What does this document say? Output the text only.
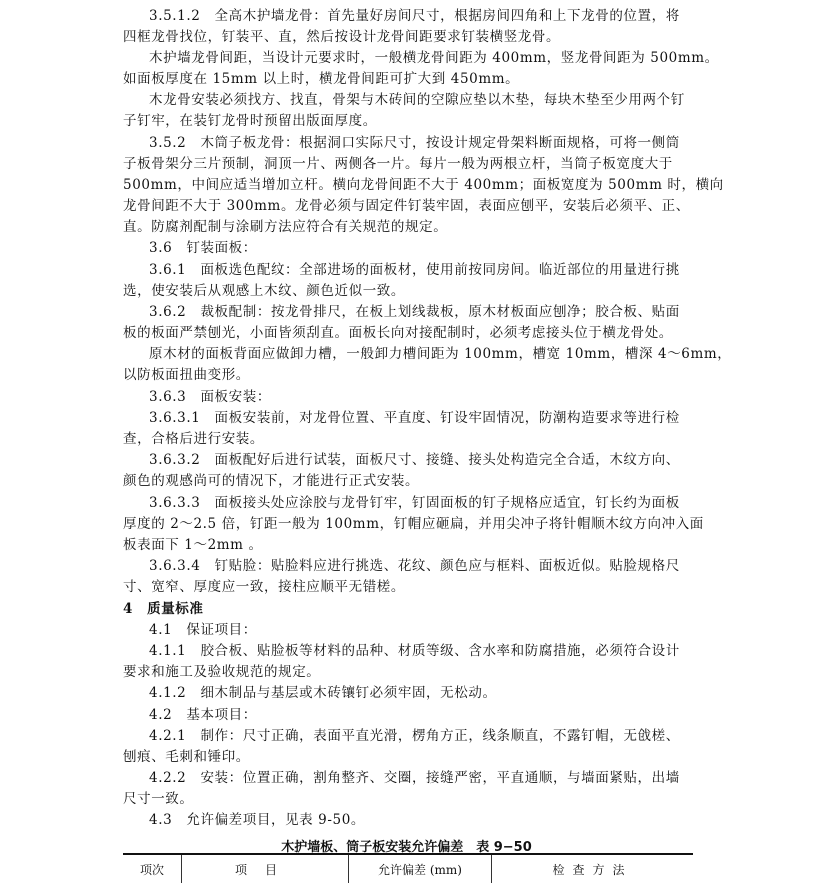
3.5.1.2　全高木护墙龙骨：首先量好房间尺寸，根据房间四角和上下龙骨的位置，将
四框龙骨找位，钉装平、直，然后按设计龙骨间距要求钉装横竖龙骨。
木护墙龙骨间距，当设计元要求时，一般横龙骨间距为 400mm，竖龙骨间距为 500mm。
如面板厚度在 15mm 以上时，横龙骨间距可扩大到 450mm。
木龙骨安装必须找方、找直，骨架与木砖间的空隙应垫以木垫，每块木垫至少用两个钉
子钉牢，在装钉龙骨时预留出版面厚度。
3.5.2　木筒子板龙骨：根据洞口实际尺寸，按设计规定骨架料断面规格，可将一侧筒
子板骨架分三片预制，洞顶一片、两侧各一片。每片一般为两根立杆，当筒子板宽度大于
500mm，中间应适当增加立杆。横向龙骨间距不大于 400mm；面板宽度为 500mm 时，横向
龙骨间距不大于 300mm。龙骨必须与固定件钉装牢固，表面应刨平，安装后必须平、正、
直。防腐剂配制与涂刷方法应符合有关规范的规定。
3.6　钉装面板：
3.6.1　面板选色配纹：全部进场的面板材，使用前按同房间。临近部位的用量进行挑
选，使安装后从观感上木纹、颜色近似一致。
3.6.2　裁板配制：按龙骨排尺，在板上划线裁板，原木材板面应刨净；胶合板、贴面
板的板面严禁刨光，小面皆须刮直。面板长向对接配制时，必须考虑接头位于横龙骨处。
原木材的面板背面应做卸力槽，一般卸力槽间距为 100mm，槽宽 10mm，槽深 4～6mm，
以防板面扭曲变形。
3.6.3　面板安装：
3.6.3.1　面板安装前，对龙骨位置、平直度、钉设牢固情况，防潮构造要求等进行检
查，合格后进行安装。
3.6.3.2　面板配好后进行试装，面板尺寸、接缝、接头处构造完全合适，木纹方向、
颜色的观感尚可的情况下，才能进行正式安装。
3.6.3.3　面板接头处应涂胶与龙骨钉牢，钉固面板的钉子规格应适宜，钉长约为面板
厚度的 2～2.5 倍，钉距一般为 100mm，钉帽应砸扁，并用尖冲子将针帽顺木纹方向冲入面
板表面下 1～2mm 。
3.6.3.4　钉贴脸：贴脸料应进行挑选、花纹、颜色应与框料、面板近似。贴脸规格尺
寸、宽窄、厚度应一致，接柱应顺平无错槎。
4　质量标准
4.1　保证项目：
4.1.1　胶合板、贴脸板等材料的品种、材质等级、含水率和防腐措施，必须符合设计
要求和施工及验收规范的规定。
4.1.2　细木制品与基层或木砖镶钉必须牢固，无松动。
4.2　基本项目：
4.2.1　制作：尺寸正确，表面平直光滑，楞角方正，线条顺直，不露钉帽，无戗槎、
刨痕、毛刺和锤印。
4.2.2　安装：位置正确，割角整齐、交圈，接缝严密，平直通顺，与墙面紧贴，出墙
尺寸一致。
4.3　允许偏差项目，见表 9-50。
木护墙板、筒子板安装允许偏差　表 9−50
项次	项目	允许偏差 (mm)	检查方法
